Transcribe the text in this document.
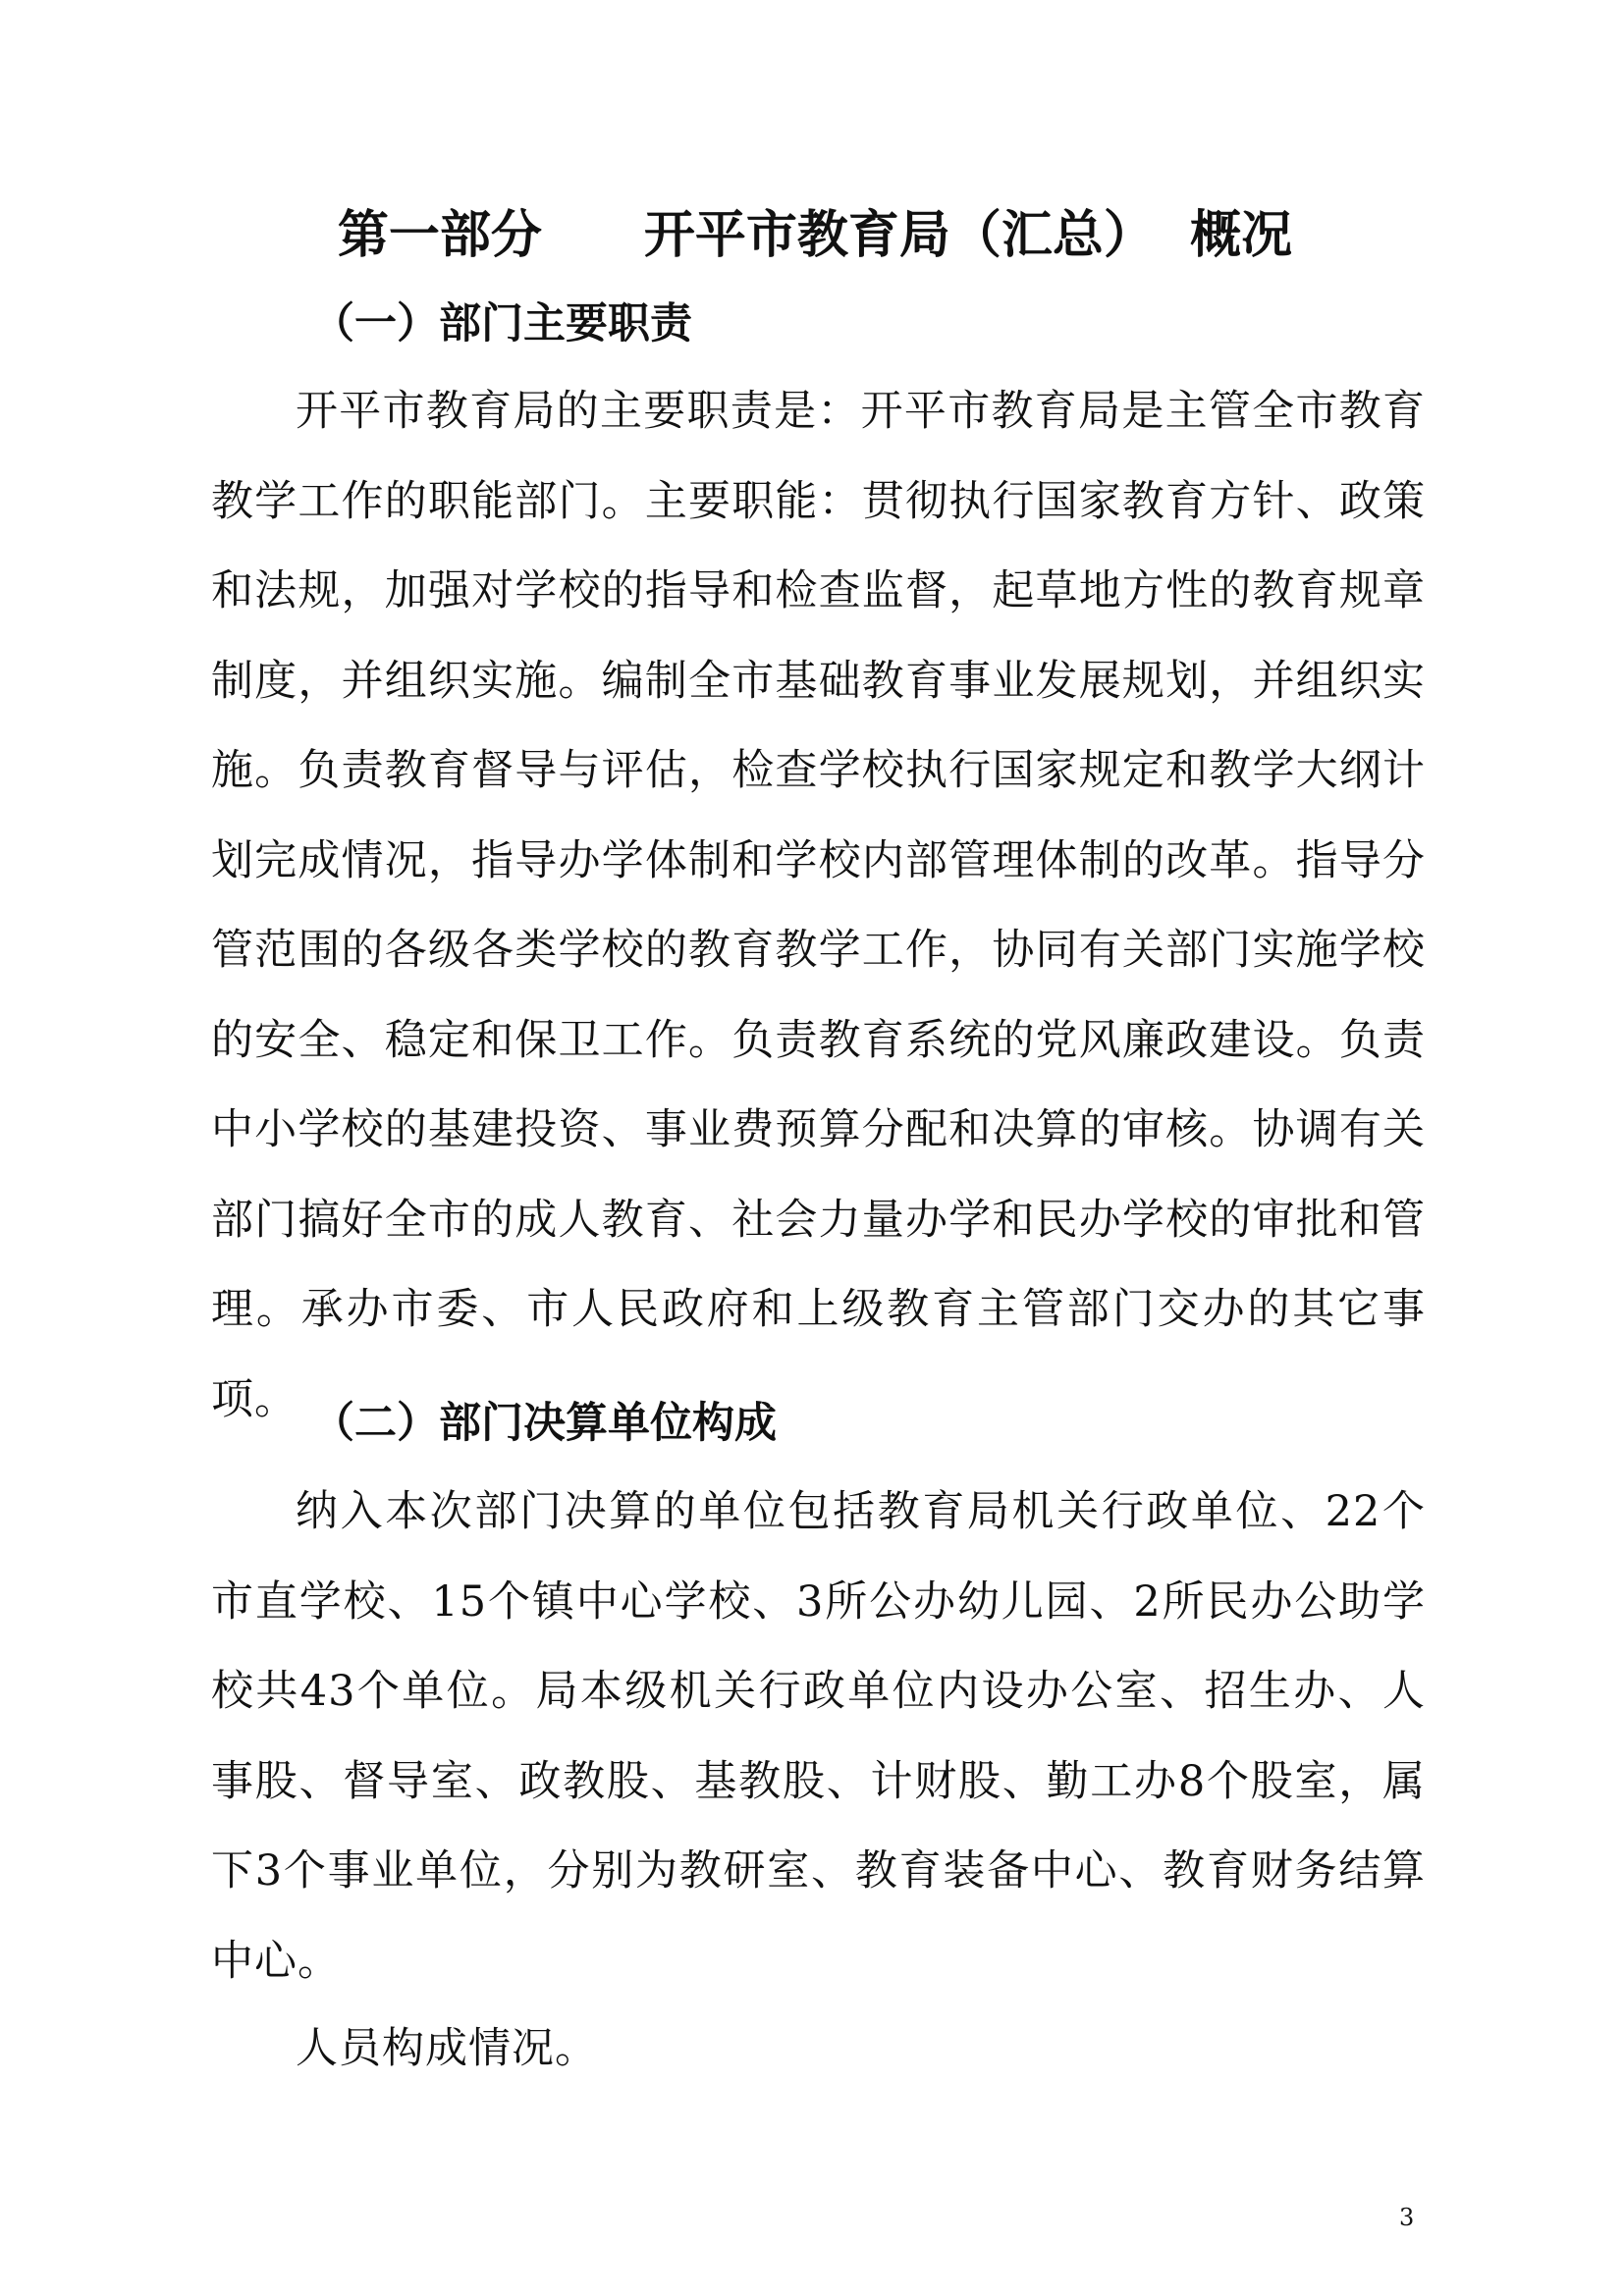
第一部分　　开平市教育局（汇总）  概况
（一）部门主要职责

开平市教育局的主要职责是：开平市教育局是主管全市教育教学工作的职能部门。主要职能：贯彻执行国家教育方针、政策和法规，加强对学校的指导和检查监督，起草地方性的教育规章制度，并组织实施。编制全市基础教育事业发展规划，并组织实施。负责教育督导与评估，检查学校执行国家规定和教学大纲计划完成情况，指导办学体制和学校内部管理体制的改革。指导分管范围的各级各类学校的教育教学工作，协同有关部门实施学校的安全、稳定和保卫工作。负责教育系统的党风廉政建设。负责中小学校的基建投资、事业费预算分配和决算的审核。协调有关部门搞好全市的成人教育、社会力量办学和民办学校的审批和管理。承办市委、市人民政府和上级教育主管部门交办的其它事项。 （二）部门决算单位构成

纳入本次部门决算的单位包括教育局机关行政单位、22个市直学校、15个镇中心学校、3所公办幼儿园、2所民办公助学校共43个单位。局本级机关行政单位内设办公室、招生办、人事股、督导室、政教股、基教股、计财股、勤工办8个股室，属下3个事业单位，分别为教研室、教育装备中心、教育财务结算中心。

人员构成情况。

3
